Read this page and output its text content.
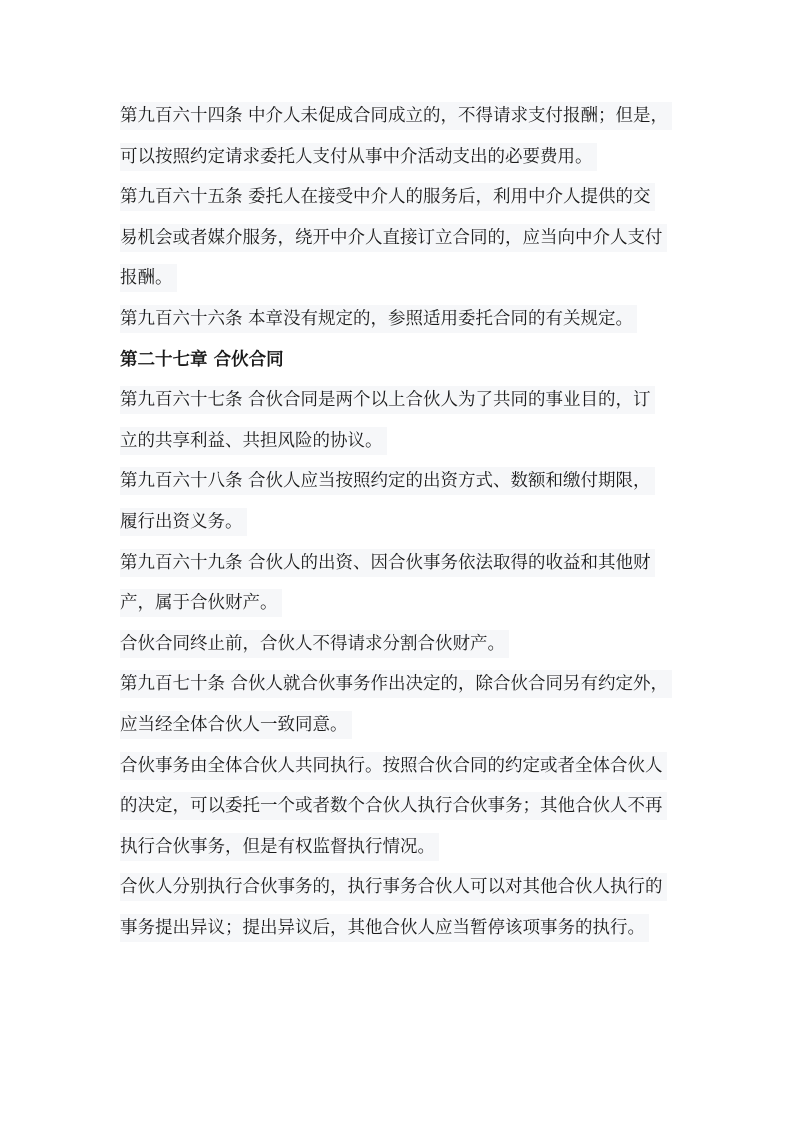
第九百六十四条 中介人未促成合同成立的，不得请求支付报酬；但是，
可以按照约定请求委托人支付从事中介活动支出的必要费用。
第九百六十五条 委托人在接受中介人的服务后，利用中介人提供的交
易机会或者媒介服务，绕开中介人直接订立合同的，应当向中介人支付
报酬。
第九百六十六条 本章没有规定的，参照适用委托合同的有关规定。
第二十七章 合伙合同
第九百六十七条 合伙合同是两个以上合伙人为了共同的事业目的，订
立的共享利益、共担风险的协议。
第九百六十八条 合伙人应当按照约定的出资方式、数额和缴付期限，
履行出资义务。
第九百六十九条 合伙人的出资、因合伙事务依法取得的收益和其他财
产，属于合伙财产。
合伙合同终止前，合伙人不得请求分割合伙财产。
第九百七十条 合伙人就合伙事务作出决定的，除合伙合同另有约定外，
应当经全体合伙人一致同意。
合伙事务由全体合伙人共同执行。按照合伙合同的约定或者全体合伙人
的决定，可以委托一个或者数个合伙人执行合伙事务；其他合伙人不再
执行合伙事务，但是有权监督执行情况。
合伙人分别执行合伙事务的，执行事务合伙人可以对其他合伙人执行的
事务提出异议；提出异议后，其他合伙人应当暂停该项事务的执行。
